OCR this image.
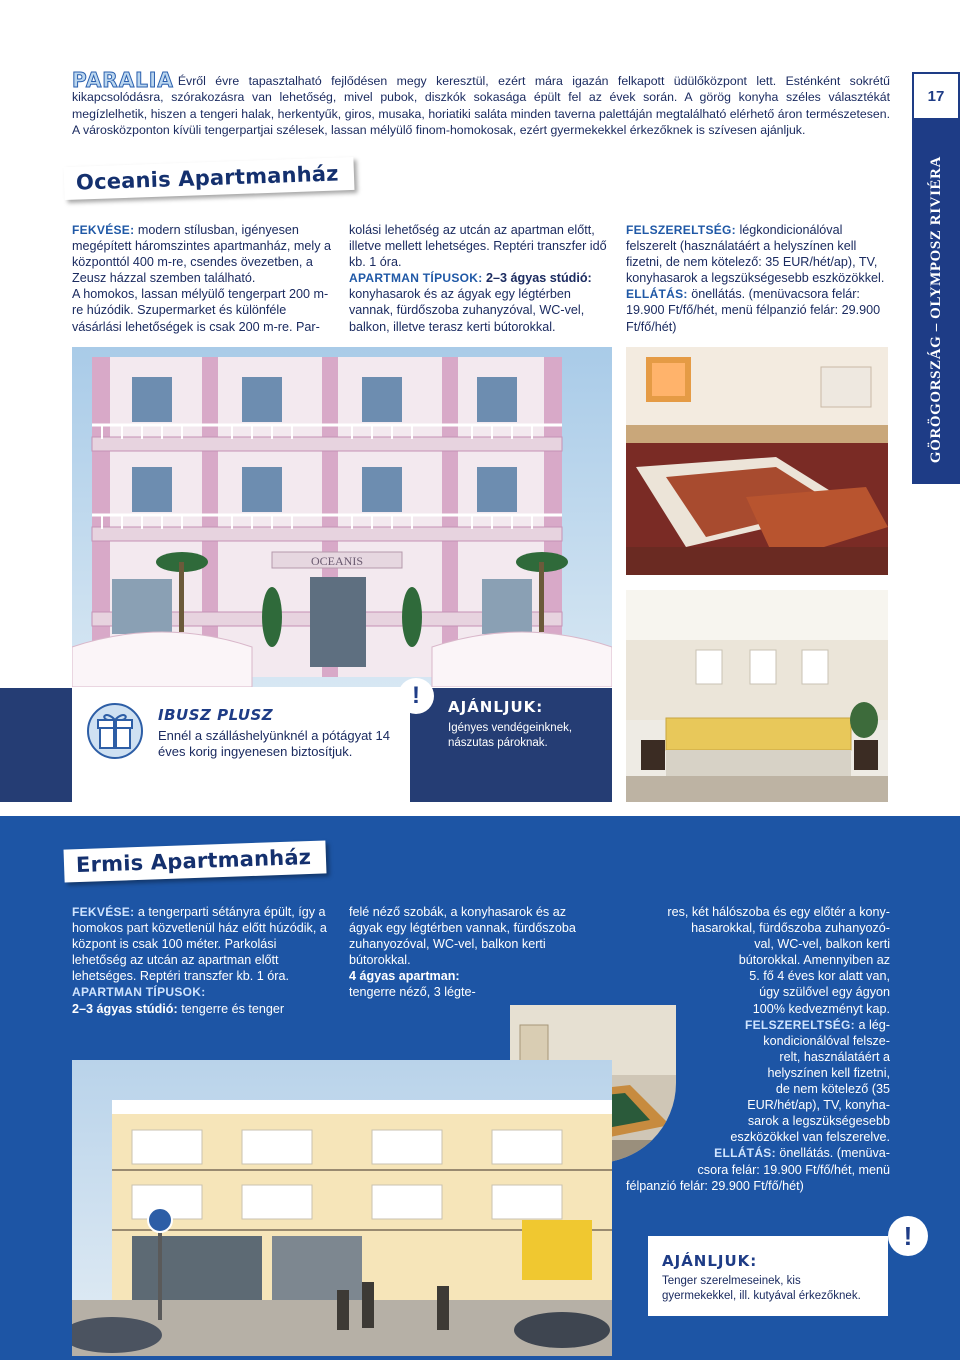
17
GÖRÖGORSZÁG – OLYMPOSZ RIVIÉRA
PARALIA Évről évre tapasztalható fejlődésen megy keresztül, ezért mára igazán felkapott üdülőközpont lett. Esténként sokrétű kikapcsolódásra, szórakozásra van lehetőség, mivel pubok, diszkók sokasága épült fel az évek során. A görög konyha széles választékát megízlelhetik, hiszen a tengeri halak, herkentyűk, giros, musaka, horiatiki saláta minden taverna palettáján megtalálható elérhető áron természetesen. A városközponton kívüli tengerpartjai szélesek, lassan mélyülő finom-homokosak, ezért gyermekekkel érkezőknek is szívesen ajánljuk.
Oceanis Apartmanház

FEKVÉSE: modern stílusban, igényesen megépített háromszintes apartmanház, mely a központtól 400 m-re, csendes övezetben, a Zeusz házzal szemben található.

A homokos, lassan mélyülő tengerpart 200 m-re húzódik. Szupermarket és különféle vásárlási lehetőségek is csak 200 m-re. Par-

kolási lehetőség az utcán az apartman előtt, illetve mellett lehetséges. Reptéri transzfer idő kb. 1 óra.

APARTMAN TÍPUSOK: 2–3 ágyas stúdió: konyhasarok és az ágyak egy légtérben vannak, fürdőszoba zuhanyzóval, WC-vel, balkon, illetve terasz kerti bútorokkal.

FELSZERELTSÉG: légkondicionálóval felszerelt (használatáért a helyszínen kell fizetni, de nem kötelező: 35 EUR/hét/ap), TV, konyhasarok a legszükségesebb eszközökkel.

ELLÁTÁS: önellátás. (menüvacsora felár: 19.900 Ft/fő/hét, menü félpanzió felár: 29.900 Ft/fő/hét)

OCEANIS
IBUSZ PLUSZ
Ennél a szálláshelyünknél a pótágyat 14 éves korig ingyenesen biztosítjuk.
! AJÁNLJUK:
Igényes vendégeinknek, nászutas pároknak.
Ermis Apartmanház

FEKVÉSE: a tengerparti sétányra épült, így a homokos part közvetlenül ház előtt húzódik, a központ is csak 100 méter. Parkolási lehetőség az utcán az apartman előtt lehetséges. Reptéri transzfer kb. 1 óra.

APARTMAN TÍPUSOK:

2–3 ágyas stúdió: tengerre és tenger

felé néző szobák, a konyhasarok és az ágyak egy légtérben vannak, fürdőszoba zuhanyozóval, WC-vel, balkon kerti bútorokkal.

4 ágyas apartman:

tengerre néző, 3 légte-

res, két hálószoba és egy előtér a kony-

hasarokkal, fürdőszoba zuhanyozó-

val, WC-vel, balkon kerti

bútorokkal. Amennyiben az

5. fő 4 éves kor alatt van,

úgy szülővel egy ágyon

100% kedvezményt kap.

FELSZERELTSÉG: a lég-

kondicionálóval felsze-

relt, használatáért a

helyszínen kell fizetni,

de nem kötelező (35

EUR/hét/ap), TV, konyha-

sarok a legszükségesebb

eszközökkel van felszerelve.

ELLÁTÁS: önellátás. (menüva-

csora felár: 19.900 Ft/fő/hét, menü

félpanzió felár: 29.900 Ft/fő/hét)

AJÁNLJUK:
Tenger szerelmeseinek, kis gyermekekkel, ill. kutyával érkezőknek.
!
